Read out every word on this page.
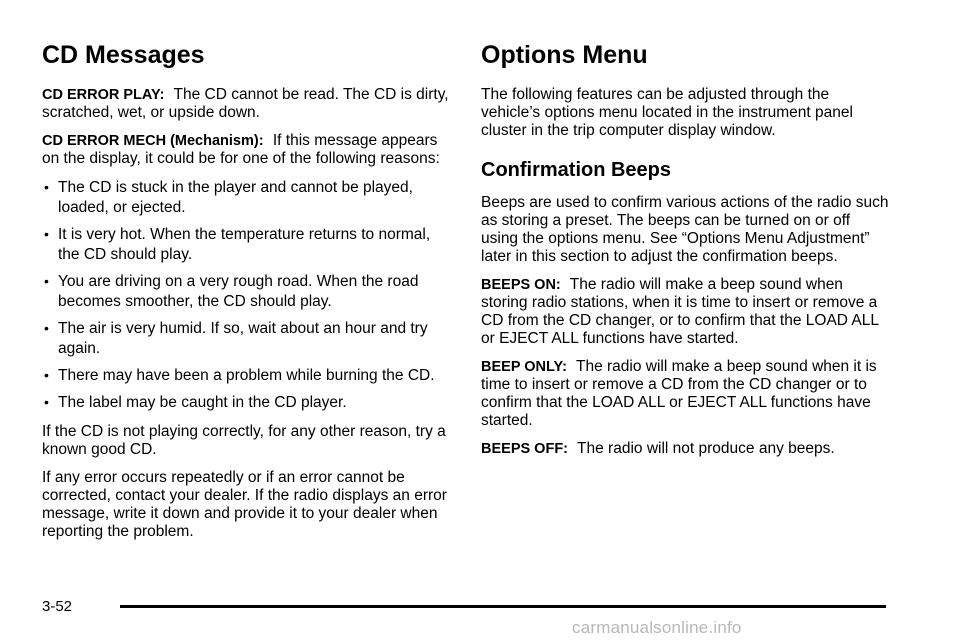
CD Messages

CD ERROR PLAY: The CD cannot be read. The CD is dirty, scratched, wet, or upside down.

CD ERROR MECH (Mechanism): If this message appears on the display, it could be for one of the following reasons:

• The CD is stuck in the player and cannot be played, loaded, or ejected.
• It is very hot. When the temperature returns to normal, the CD should play.
• You are driving on a very rough road. When the road becomes smoother, the CD should play.
• The air is very humid. If so, wait about an hour and try again.
• There may have been a problem while burning the CD.
• The label may be caught in the CD player.

If the CD is not playing correctly, for any other reason, try a known good CD.

If any error occurs repeatedly or if an error cannot be corrected, contact your dealer. If the radio displays an error message, write it down and provide it to your dealer when reporting the problem.

Options Menu

The following features can be adjusted through the vehicle’s options menu located in the instrument panel cluster in the trip computer display window.

Confirmation Beeps

Beeps are used to confirm various actions of the radio such as storing a preset. The beeps can be turned on or off using the options menu. See “Options Menu Adjustment” later in this section to adjust the confirmation beeps.

BEEPS ON: The radio will make a beep sound when storing radio stations, when it is time to insert or remove a CD from the CD changer, or to confirm that the LOAD ALL or EJECT ALL functions have started.

BEEP ONLY: The radio will make a beep sound when it is time to insert or remove a CD from the CD changer or to confirm that the LOAD ALL or EJECT ALL functions have started.

BEEPS OFF: The radio will not produce any beeps.

3-52
carmanualsonline.info
